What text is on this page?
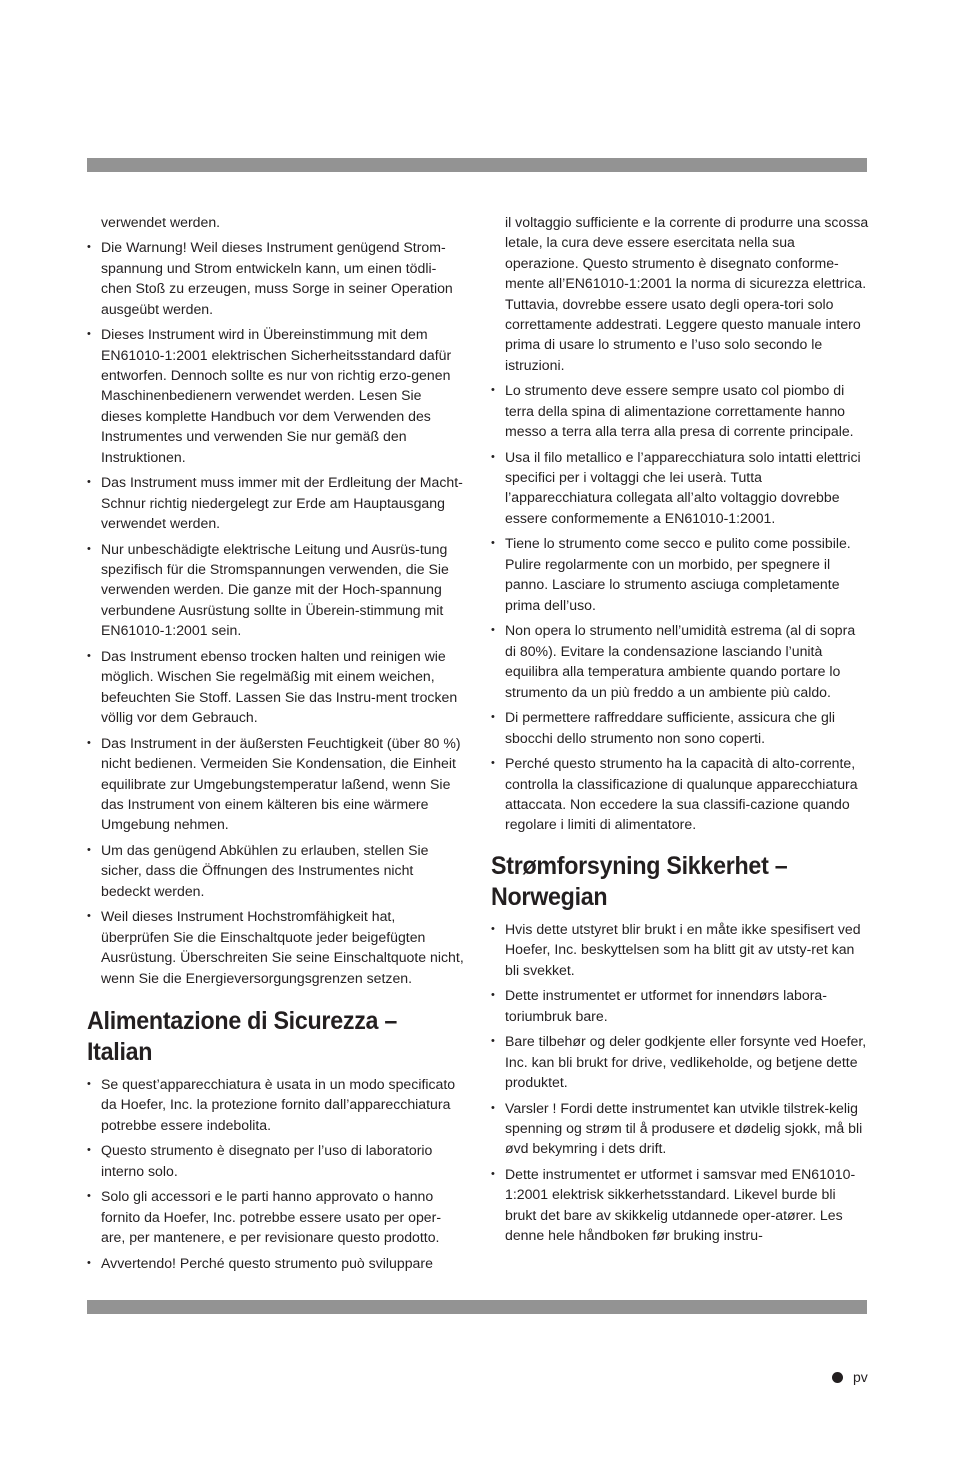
verwendet werden.

• Die Warnung! Weil dieses Instrument genügend Strom-spannung und Strom entwickeln kann, um einen tödli-chen Stoß zu erzeugen, muss Sorge in seiner Operation ausgeübt werden.
• Dieses Instrument wird in Übereinstimmung mit dem EN61010-1:2001 elektrischen Sicherheitsstandard dafür entworfen. Dennoch sollte es nur von richtig erzo-genen Maschinenbedienern verwendet werden. Lesen Sie dieses komplette Handbuch vor dem Verwenden des Instrumentes und verwenden Sie nur gemäß den Instruktionen.
• Das Instrument muss immer mit der Erdleitung der Macht-Schnur richtig niedergelegt zur Erde am Hauptausgang verwendet werden.
• Nur unbeschädigte elektrische Leitung und Ausrüs-tung spezifisch für die Stromspannungen verwenden, die Sie verwenden werden. Die ganze mit der Hoch-spannung verbundene Ausrüstung sollte in Überein-stimmung mit EN61010-1:2001 sein.
• Das Instrument ebenso trocken halten und reinigen wie möglich. Wischen Sie regelmäßig mit einem weichen, befeuchten Sie Stoff. Lassen Sie das Instru-ment trocken völlig vor dem Gebrauch.
• Das Instrument in der äußersten Feuchtigkeit (über 80 %) nicht bedienen. Vermeiden Sie Kondensation, die Einheit equilibrate zur Umgebungstemperatur laßend, wenn Sie das Instrument von einem kälteren bis eine wärmere Umgebung nehmen.
• Um das genügend Abkühlen zu erlauben, stellen Sie sicher, dass die Öffnungen des Instrumentes nicht bedeckt werden.
• Weil dieses Instrument Hochstromfähigkeit hat, überprüfen Sie die Einschaltquote jeder beigefügten Ausrüstung. Überschreiten Sie seine Einschaltquote nicht, wenn Sie die Energieversorgungsgrenzen setzen.
Alimentazione di Sicurezza – Italian
• Se quest’apparecchiatura è usata in un modo specificato da Hoefer, Inc. la protezione fornito dall’apparecchiatura potrebbe essere indebolita.
• Questo strumento è disegnato per l’uso di laboratorio interno solo.
• Solo gli accessori e le parti hanno approvato o hanno fornito da Hoefer, Inc. potrebbe essere usato per oper-are, per mantenere, e per revisionare questo prodotto.
• Avvertendo! Perché questo strumento può sviluppare

il voltaggio sufficiente e la corrente di produrre una scossa letale, la cura deve essere esercitata nella sua operazione. Questo strumento è disegnato conforme-mente all’EN61010-1:2001 la norma di sicurezza elettrica. Tuttavia, dovrebbe essere usato degli opera-tori solo correttamente addestrati. Leggere questo manuale intero prima di usare lo strumento e l’uso solo secondo le istruzioni.

• Lo strumento deve essere sempre usato col piombo di terra della spina di alimentazione correttamente hanno messo a terra alla terra alla presa di corrente principale.
• Usa il filo metallico e l’apparecchiatura solo intatti elettrici specifici per i voltaggi che lei userà. Tutta l’apparecchiatura collegata all’alto voltaggio dovrebbe essere conformemente a EN61010-1:2001.
• Tiene lo strumento come secco e pulito come possibile. Pulire regolarmente con un morbido, per spegnere il panno. Lasciare lo strumento asciuga completamente prima dell’uso.
• Non opera lo strumento nell’umidità estrema (al di sopra di 80%). Evitare la condensazione lasciando l’unità equilibra alla temperatura ambiente quando portare lo strumento da un più freddo a un ambiente più caldo.
• Di permettere raffreddare sufficiente, assicura che gli sbocchi dello strumento non sono coperti.
• Perché questo strumento ha la capacità di alto-corrente, controlla la classificazione di qualunque apparecchiatura attaccata. Non eccedere la sua classifi-cazione quando regolare i limiti di alimentatore.
Strømforsyning Sikkerhet – Norwegian
• Hvis dette utstyret blir brukt i en måte ikke spesifisert ved Hoefer, Inc. beskyttelsen som ha blitt git av utsty-ret kan bli svekket.
• Dette instrumentet er utformet for innendørs labora-toriumbruk bare.
• Bare tilbehør og deler godkjente eller forsynte ved Hoefer, Inc. kan bli brukt for drive, vedlikeholde, og betjene dette produktet.
• Varsler ! Fordi dette instrumentet kan utvikle tilstrek-kelig spenning og strøm til å produsere et dødelig sjokk, må bli øvd bekymring i dets drift.
• Dette instrumentet er utformet i samsvar med EN61010-1:2001 elektrisk sikkerhetsstandard. Likevel burde bli brukt det bare av skikkelig utdannede oper-atører. Les denne hele håndboken før bruking instru-
pv
